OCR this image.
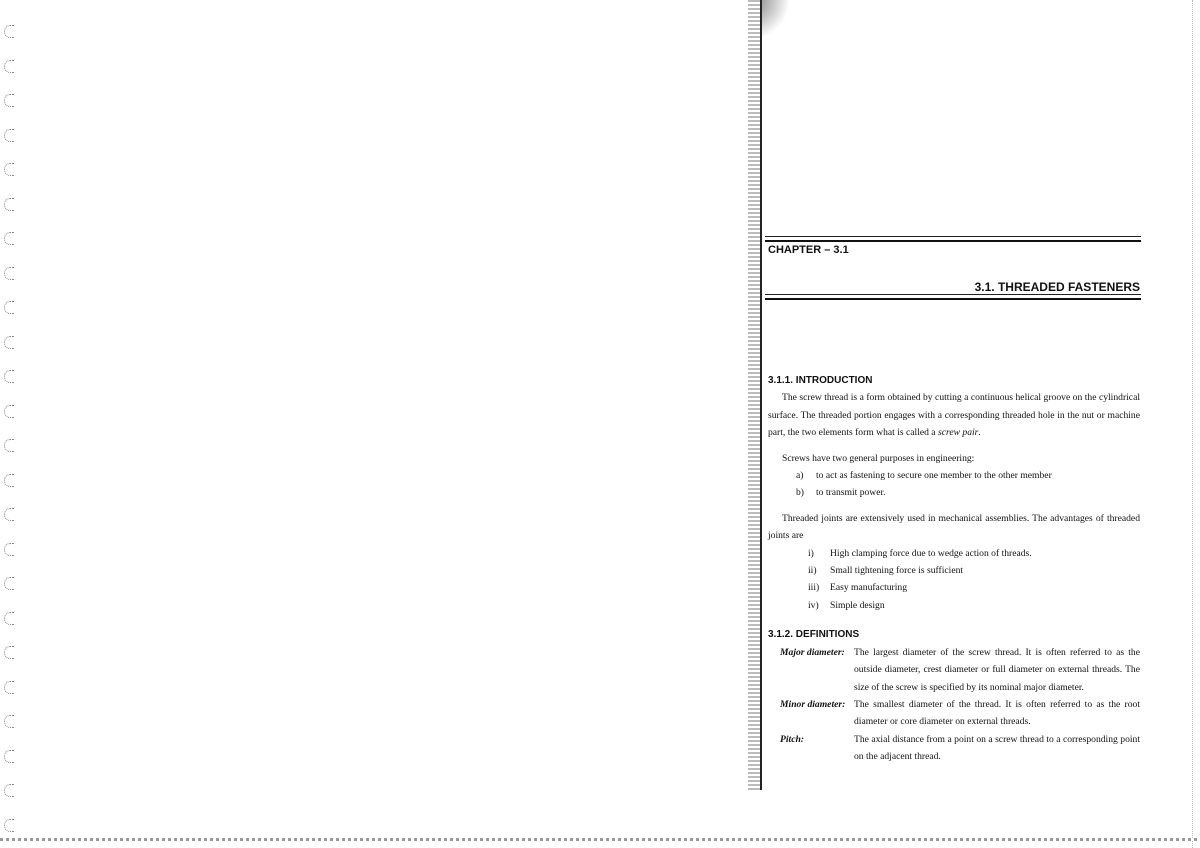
CHAPTER – 3.1
3.1. THREADED FASTENERS
3.1.1. INTRODUCTION

The screw thread is a form obtained by cutting a continuous helical groove on the cylindrical surface. The threaded portion engages with a corresponding threaded hole in the nut or machine part, the two elements form what is called a screw pair.

Screws have two general purposes in engineering:

a)	to act as fastening to secure one member to the other member
b)	to transmit power.

Threaded joints are extensively used in mechanical assemblies. The advantages of threaded joints are

i)	High clamping force due to wedge action of threads.
ii)	Small tightening force is sufficient
iii)	Easy manufacturing
iv)	Simple design
3.1.2. DEFINITIONS
Major diameter: The largest diameter of the screw thread. It is often referred to as the outside diameter, crest diameter or full diameter on external threads. The size of the screw is specified by its nominal major diameter.
Minor diameter: The smallest diameter of the thread. It is often referred to as the root diameter or core diameter on external threads.
Pitch:	The axial distance from a point on a screw thread to a corresponding point on the adjacent thread.
